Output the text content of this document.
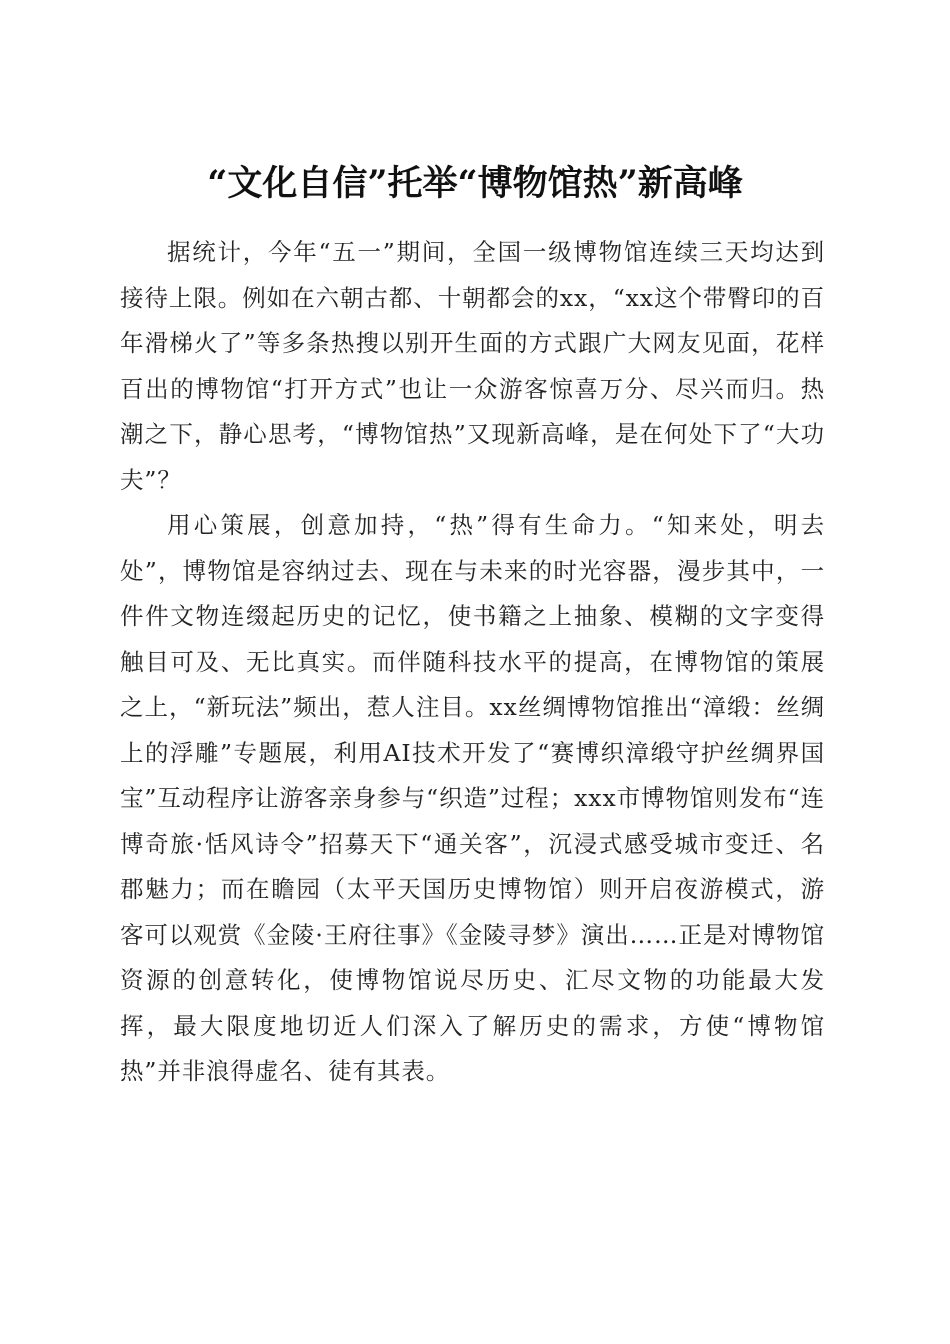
“文化自信”托举“博物馆热”新高峰

据统计，今年“五一”期间，全国一级博物馆连续三天均达到接待上限。例如在六朝古都、十朝都会的xx，“xx这个带臀印的百年滑梯火了”等多条热搜以别开生面的方式跟广大网友见面，花样百出的博物馆“打开方式”也让一众游客惊喜万分、尽兴而归。热潮之下，静心思考，“博物馆热”又现新高峰，是在何处下了“大功夫”？

用心策展，创意加持，“热”得有生命力。“知来处，明去处”，博物馆是容纳过去、现在与未来的时光容器，漫步其中，一件件文物连缀起历史的记忆，使书籍之上抽象、模糊的文字变得触目可及、无比真实。而伴随科技水平的提高，在博物馆的策展之上，“新玩法”频出，惹人注目。xx丝绸博物馆推出“漳缎：丝绸上的浮雕”专题展，利用AI技术开发了“赛博织漳缎守护丝绸界国宝”互动程序让游客亲身参与“织造”过程；xxx市博物馆则发布“连博奇旅·恬风诗令”招募天下“通关客”，沉浸式感受城市变迁、名郡魅力；而在瞻园（太平天国历史博物馆）则开启夜游模式，游客可以观赏《金陵·王府往事》《金陵寻梦》演出……正是对博物馆资源的创意转化，使博物馆说尽历史、汇尽文物的功能最大发挥，最大限度地切近人们深入了解历史的需求，方使“博物馆热”并非浪得虚名、徒有其表。
